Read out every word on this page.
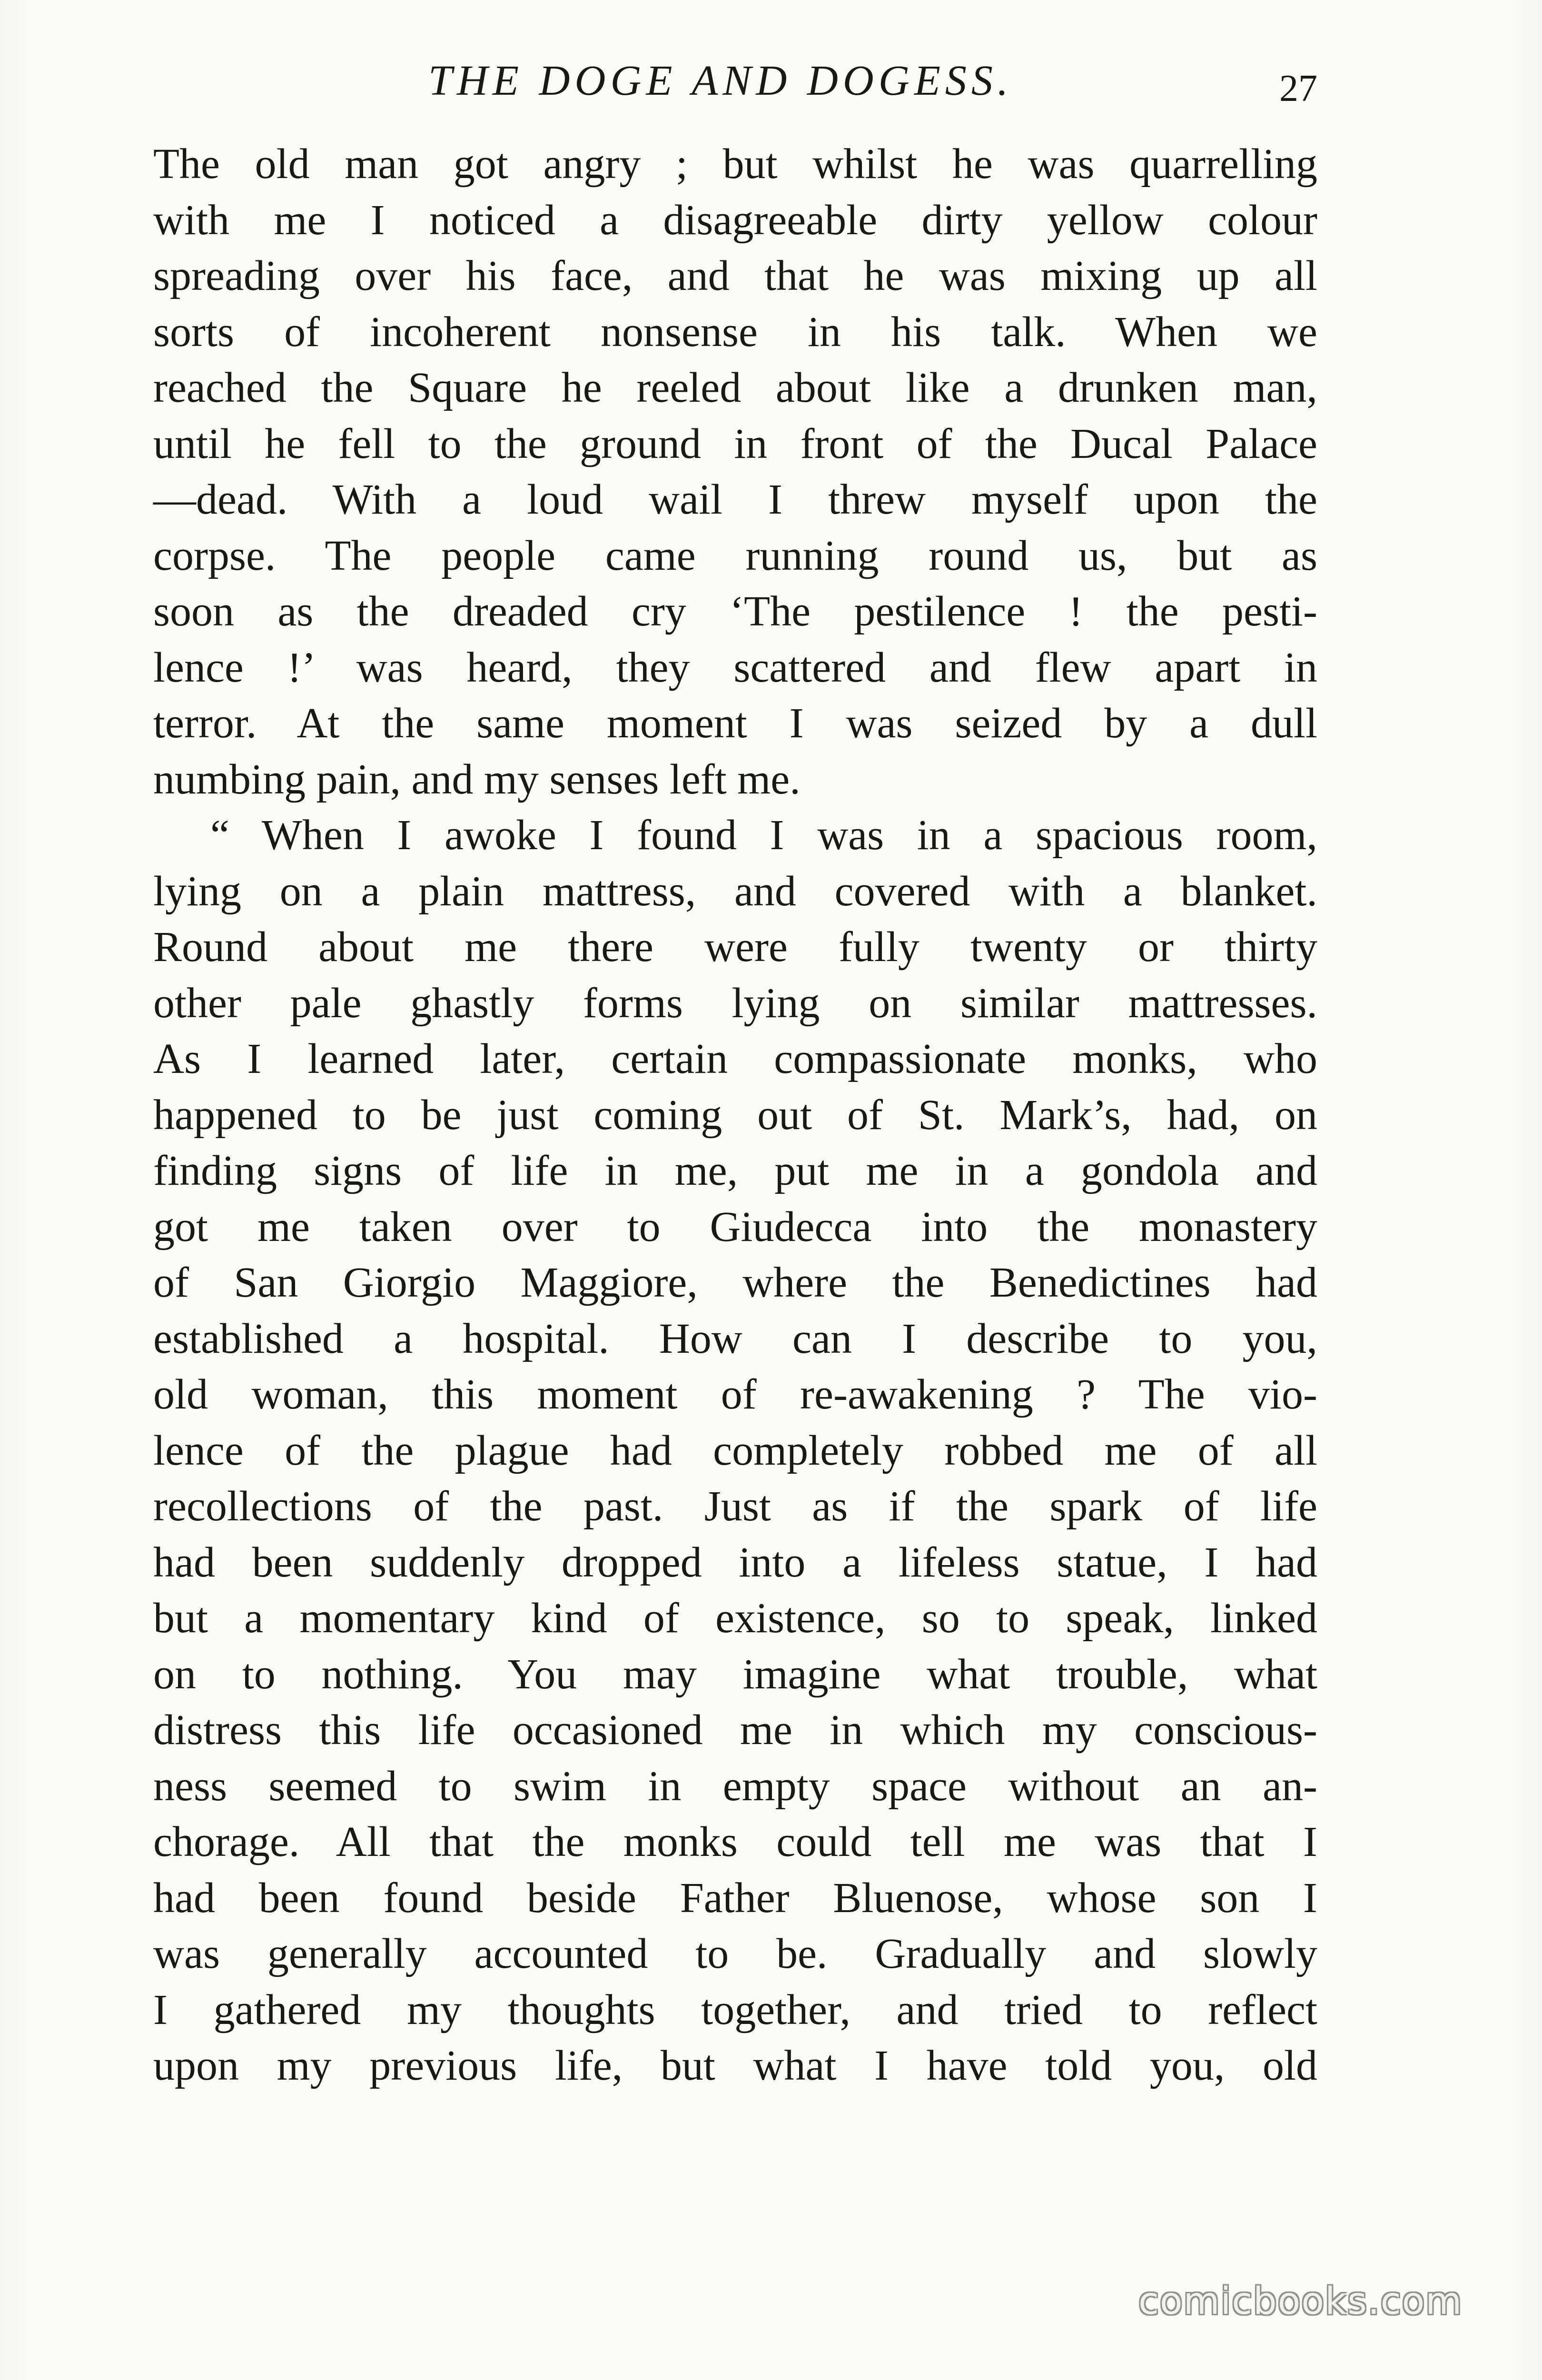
THE DOGE AND DOGESS.	27
The old man got angry ; but whilst he was quarrelling
with me I noticed a disagreeable dirty yellow colour
spreading over his face, and that he was mixing up all
sorts of incoherent nonsense in his talk. When we
reached the Square he reeled about like a drunken man,
until he fell to the ground in front of the Ducal Palace
—dead. With a loud wail I threw myself upon the
corpse. The people came running round us, but as
soon as the dreaded cry ‘The pestilence ! the pesti-
lence !’ was heard, they scattered and flew apart in
terror. At the same moment I was seized by a dull
numbing pain, and my senses left me.
“ When I awoke I found I was in a spacious room,
lying on a plain mattress, and covered with a blanket.
Round about me there were fully twenty or thirty
other pale ghastly forms lying on similar mattresses.
As I learned later, certain compassionate monks, who
happened to be just coming out of St. Mark’s, had, on
finding signs of life in me, put me in a gondola and
got me taken over to Giudecca into the monastery
of San Giorgio Maggiore, where the Benedictines had
established a hospital. How can I describe to you,
old woman, this moment of re-awakening ? The vio-
lence of the plague had completely robbed me of all
recollections of the past. Just as if the spark of life
had been suddenly dropped into a lifeless statue, I had
but a momentary kind of existence, so to speak, linked
on to nothing. You may imagine what trouble, what
distress this life occasioned me in which my conscious-
ness seemed to swim in empty space without an an-
chorage. All that the monks could tell me was that I
had been found beside Father Bluenose, whose son I
was generally accounted to be. Gradually and slowly
I gathered my thoughts together, and tried to reflect
upon my previous life, but what I have told you, old
comicbooks.com
